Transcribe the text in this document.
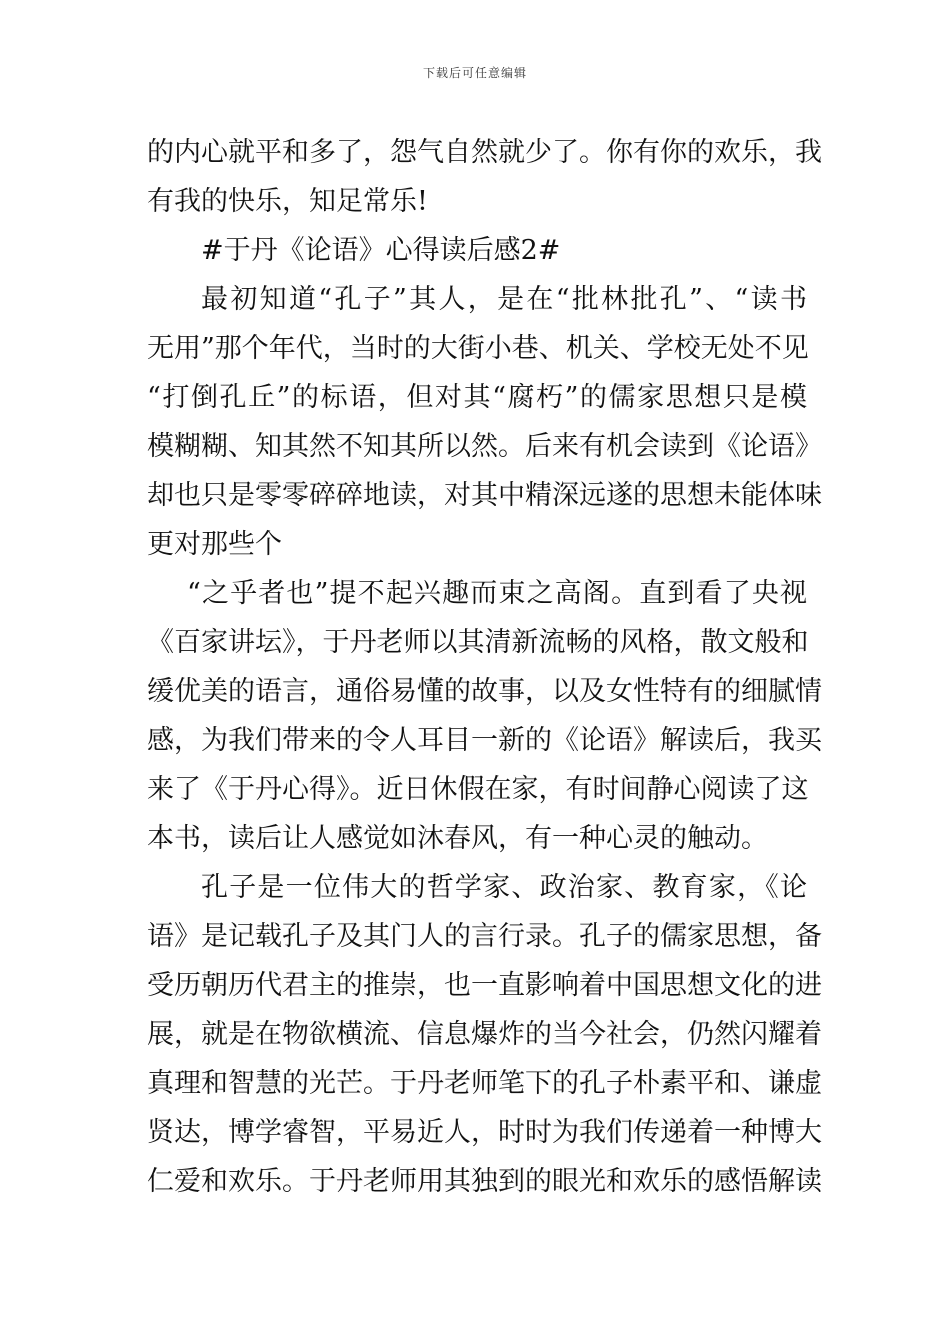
下载后可任意编辑
的内心就平和多了，怨气自然就少了。你有你的欢乐，我
有我的快乐，知足常乐!
#于丹《论语》心得读后感2#
最初知道“孔子”其人，是在“批林批孔”、“读书
无用”那个年代，当时的大街小巷、机关、学校无处不见
“打倒孔丘”的标语，但对其“腐朽”的儒家思想只是模
模糊糊、知其然不知其所以然。后来有机会读到《论语》
却也只是零零碎碎地读，对其中精深远遂的思想未能体味
更对那些个
“之乎者也”提不起兴趣而束之高阁。直到看了央视
《百家讲坛》，于丹老师以其清新流畅的风格，散文般和
缓优美的语言，通俗易懂的故事，以及女性特有的细腻情
感，为我们带来的令人耳目一新的《论语》解读后，我买
来了《于丹心得》。近日休假在家，有时间静心阅读了这
本书，读后让人感觉如沐春风，有一种心灵的触动。
孔子是一位伟大的哲学家、政治家、教育家，《论
语》是记载孔子及其门人的言行录。孔子的儒家思想，备
受历朝历代君主的推崇，也一直影响着中国思想文化的进
展，就是在物欲横流、信息爆炸的当今社会，仍然闪耀着
真理和智慧的光芒。于丹老师笔下的孔子朴素平和、谦虚
贤达，博学睿智，平易近人，时时为我们传递着一种博大
仁爱和欢乐。于丹老师用其独到的眼光和欢乐的感悟解读
